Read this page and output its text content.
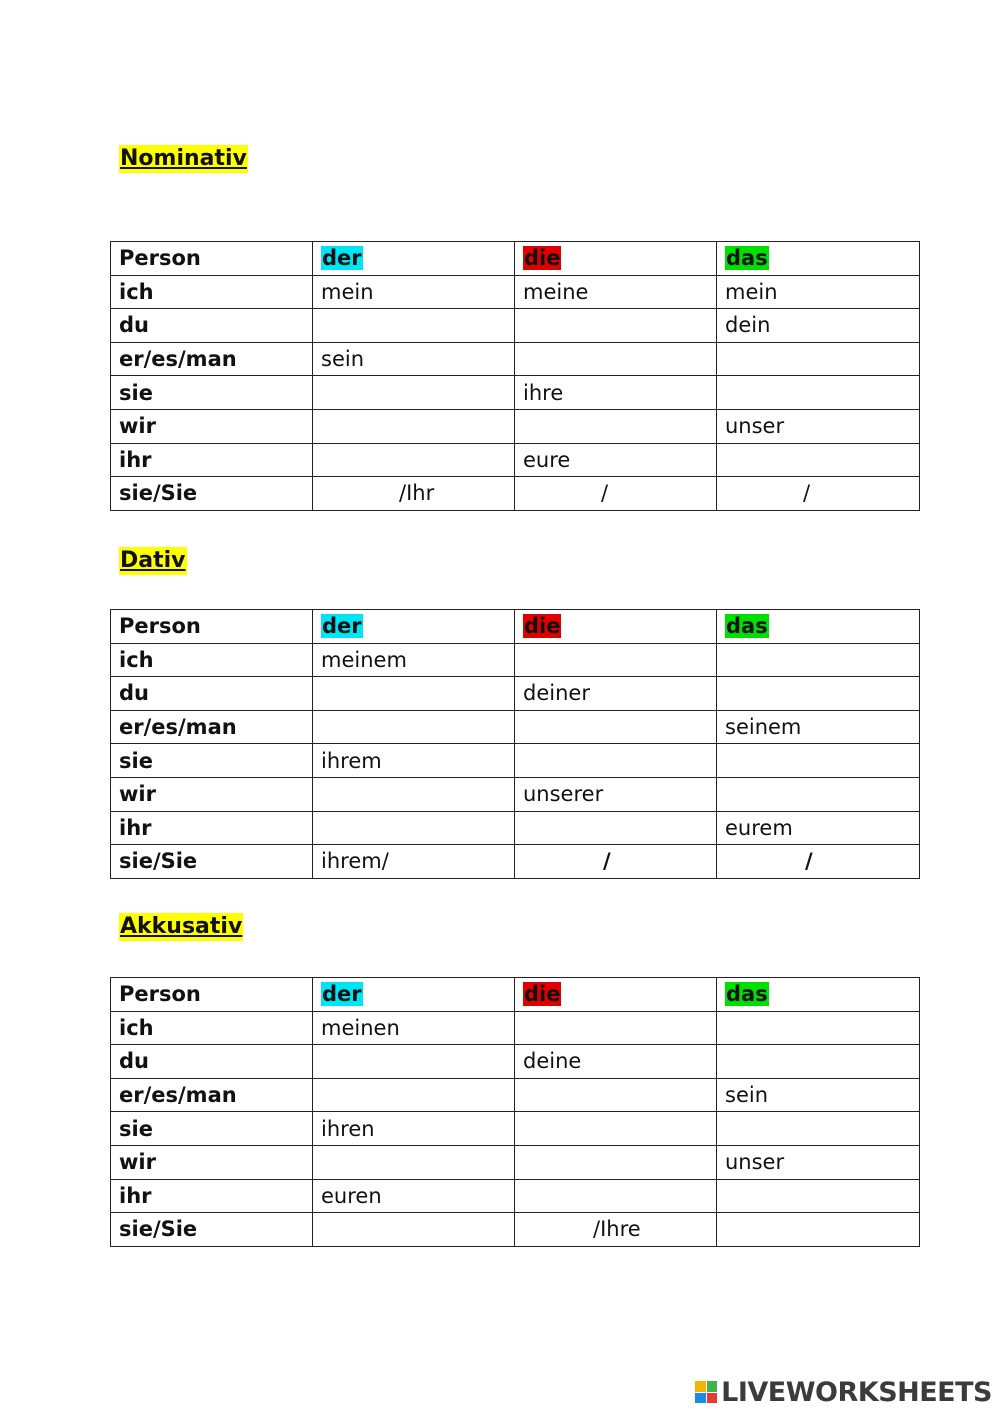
Nominativ
Person	der	die	das
ich	mein	meine	mein
du			dein
er/es/man	sein		
sie		ihre	
wir			unser
ihr		eure	
sie/Sie	/Ihr	/	/
Dativ
Person	der	die	das
ich	meinem		
du		deiner	
er/es/man			seinem
sie	ihrem		
wir		unserer	
ihr			eurem
sie/Sie	ihrem/	/	/
Akkusativ
Person	der	die	das
ich	meinen		
du		deine	
er/es/man			sein
sie	ihren		
wir			unser
ihr	euren		
sie/Sie		/Ihre	
LIVEWORKSHEETS
